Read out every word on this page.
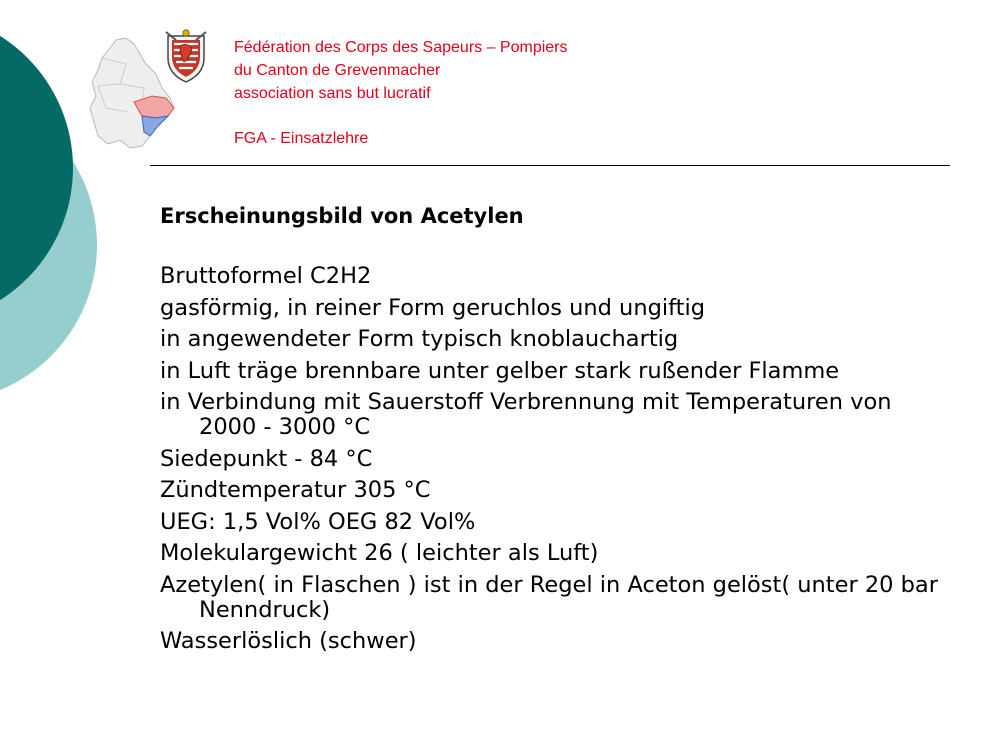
Fédération des Corps des Sapeurs – Pompiers
du Canton de Grevenmacher
association sans but lucratif
FGA - Einsatzlehre
Erscheinungsbild von Acetylen
Bruttoformel C2H2
gasförmig, in reiner Form geruchlos und ungiftig
in angewendeter Form typisch knoblauchartig
in Luft träge brennbare unter gelber stark rußender Flamme
in Verbindung mit Sauerstoff Verbrennung mit Temperaturen von 2000 - 3000 °C
Siedepunkt - 84 °C
Zündtemperatur 305 °C
UEG: 1,5 Vol% OEG 82 Vol%
Molekulargewicht 26 ( leichter als Luft)
Azetylen( in Flaschen ) ist in der Regel in Aceton gelöst( unter 20 bar Nenndruck)
Wasserlöslich (schwer)
